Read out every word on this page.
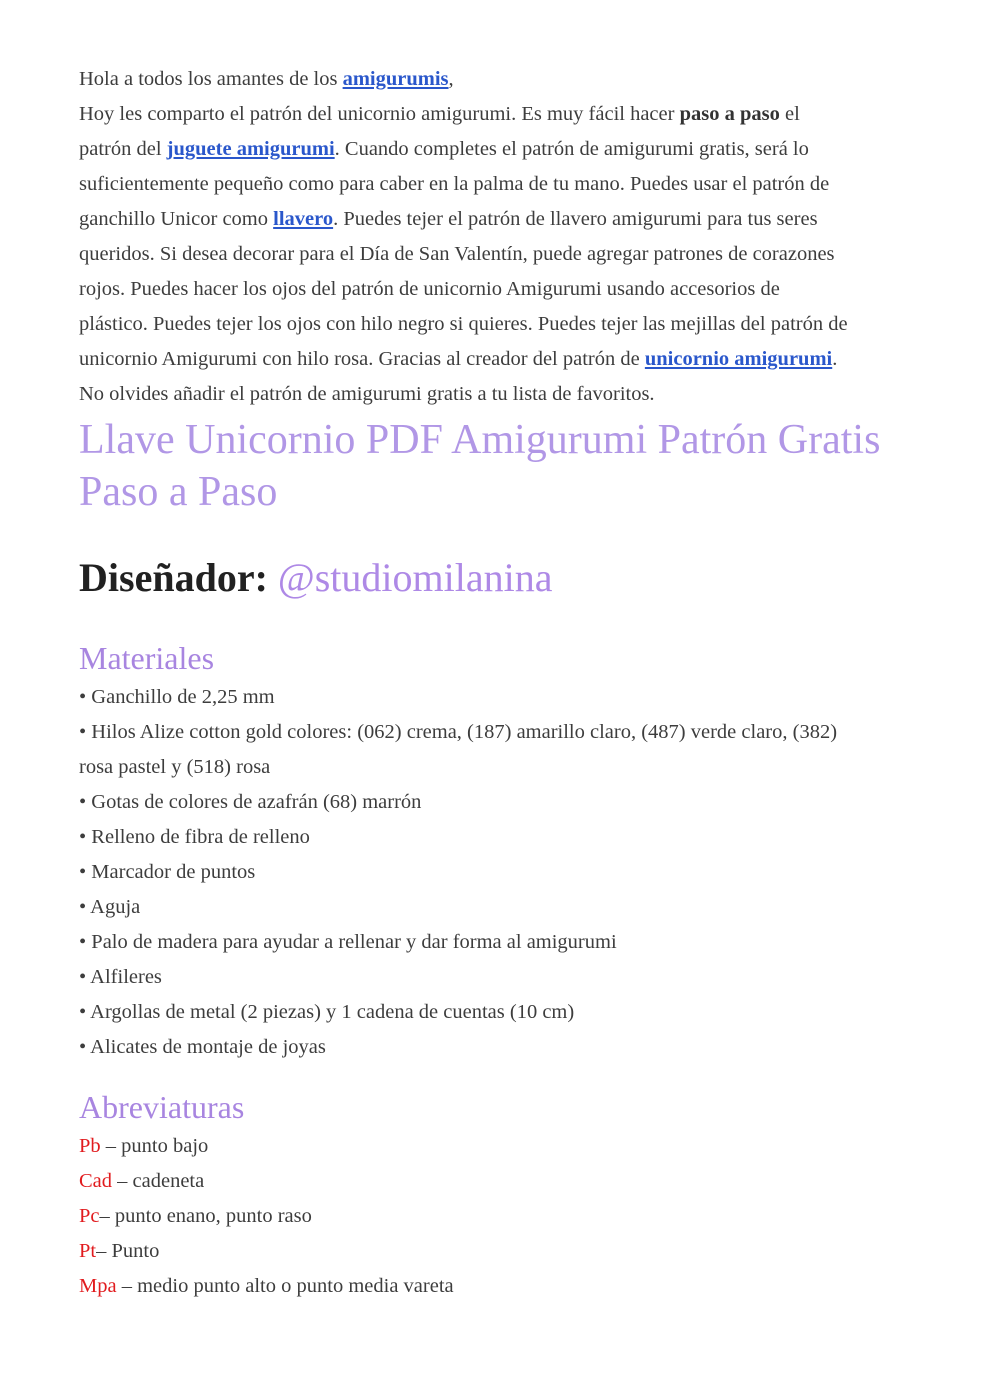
Hola a todos los amantes de los amigurumis,
Hoy les comparto el patrón del unicornio amigurumi. Es muy fácil hacer paso a paso el
patrón del juguete amigurumi. Cuando completes el patrón de amigurumi gratis, será lo
suficientemente pequeño como para caber en la palma de tu mano. Puedes usar el patrón de
ganchillo Unicor como llavero. Puedes tejer el patrón de llavero amigurumi para tus seres
queridos. Si desea decorar para el Día de San Valentín, puede agregar patrones de corazones
rojos. Puedes hacer los ojos del patrón de unicornio Amigurumi usando accesorios de
plástico. Puedes tejer los ojos con hilo negro si quieres. Puedes tejer las mejillas del patrón de
unicornio Amigurumi con hilo rosa. Gracias al creador del patrón de unicornio amigurumi.
No olvides añadir el patrón de amigurumi gratis a tu lista de favoritos.
Llave Unicornio PDF Amigurumi Patrón Gratis
Paso a Paso
Diseñador: @studiomilanina
Materiales
• Ganchillo de 2,25 mm
• Hilos Alize cotton gold colores: (062) crema, (187) amarillo claro, (487) verde claro, (382)
rosa pastel y (518) rosa
• Gotas de colores de azafrán (68) marrón
• Relleno de fibra de relleno
• Marcador de puntos
• Aguja
• Palo de madera para ayudar a rellenar y dar forma al amigurumi
• Alfileres
• Argollas de metal (2 piezas) y 1 cadena de cuentas (10 cm)
• Alicates de montaje de joyas
Abreviaturas
Pb – punto bajo
Cad – cadeneta
Pc– punto enano, punto raso
Pt– Punto
Mpa – medio punto alto o punto media vareta
